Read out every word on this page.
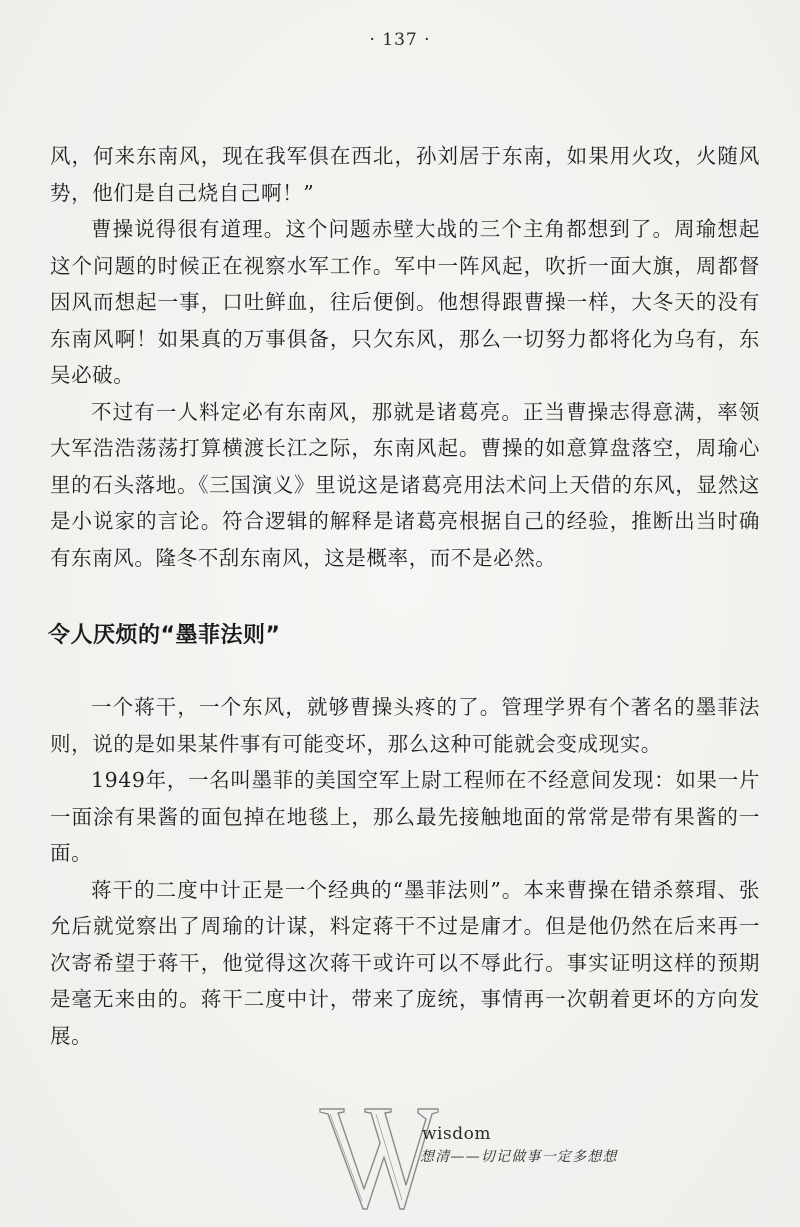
· 137 ·

风，何来东南风，现在我军俱在西北，孙刘居于东南，如果用火攻，火随风势，他们是自己烧自己啊！”

曹操说得很有道理。这个问题赤壁大战的三个主角都想到了。周瑜想起这个问题的时候正在视察水军工作。军中一阵风起，吹折一面大旗，周都督因风而想起一事，口吐鲜血，往后便倒。他想得跟曹操一样，大冬天的没有东南风啊！如果真的万事俱备，只欠东风，那么一切努力都将化为乌有，东吴必破。

不过有一人料定必有东南风，那就是诸葛亮。正当曹操志得意满，率领大军浩浩荡荡打算横渡长江之际，东南风起。曹操的如意算盘落空，周瑜心里的石头落地。《三国演义》里说这是诸葛亮用法术问上天借的东风，显然这是小说家的言论。符合逻辑的解释是诸葛亮根据自己的经验，推断出当时确有东南风。隆冬不刮东南风，这是概率，而不是必然。

令人厌烦的“墨菲法则”

一个蒋干，一个东风，就够曹操头疼的了。管理学界有个著名的墨菲法则，说的是如果某件事有可能变坏，那么这种可能就会变成现实。

1949年，一名叫墨菲的美国空军上尉工程师在不经意间发现：如果一片一面涂有果酱的面包掉在地毯上，那么最先接触地面的常常是带有果酱的一面。

蒋干的二度中计正是一个经典的“墨菲法则”。本来曹操在错杀蔡瑁、张允后就觉察出了周瑜的计谋，料定蒋干不过是庸才。但是他仍然在后来再一次寄希望于蒋干，他觉得这次蒋干或许可以不辱此行。事实证明这样的预期是毫无来由的。蒋干二度中计，带来了庞统，事情再一次朝着更坏的方向发展。

wisdom
想清——切记做事一定多想想
